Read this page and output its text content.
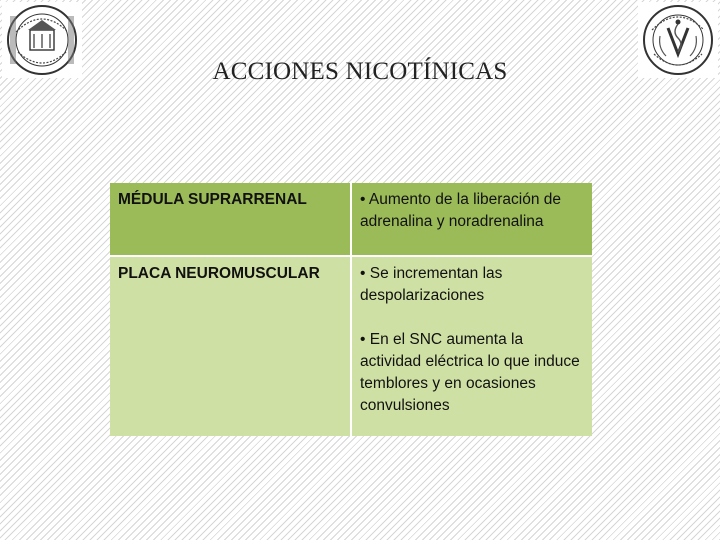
ACCIONES NICOTÍNICAS
MÉDULA SUPRARRENAL	• Aumento de la liberación de adrenalina y noradrenalina

PLACA NEUROMUSCULAR	• Se incrementan las despolarizaciones
• En el SNC aumenta la actividad eléctrica lo que induce temblores y en ocasiones convulsiones
